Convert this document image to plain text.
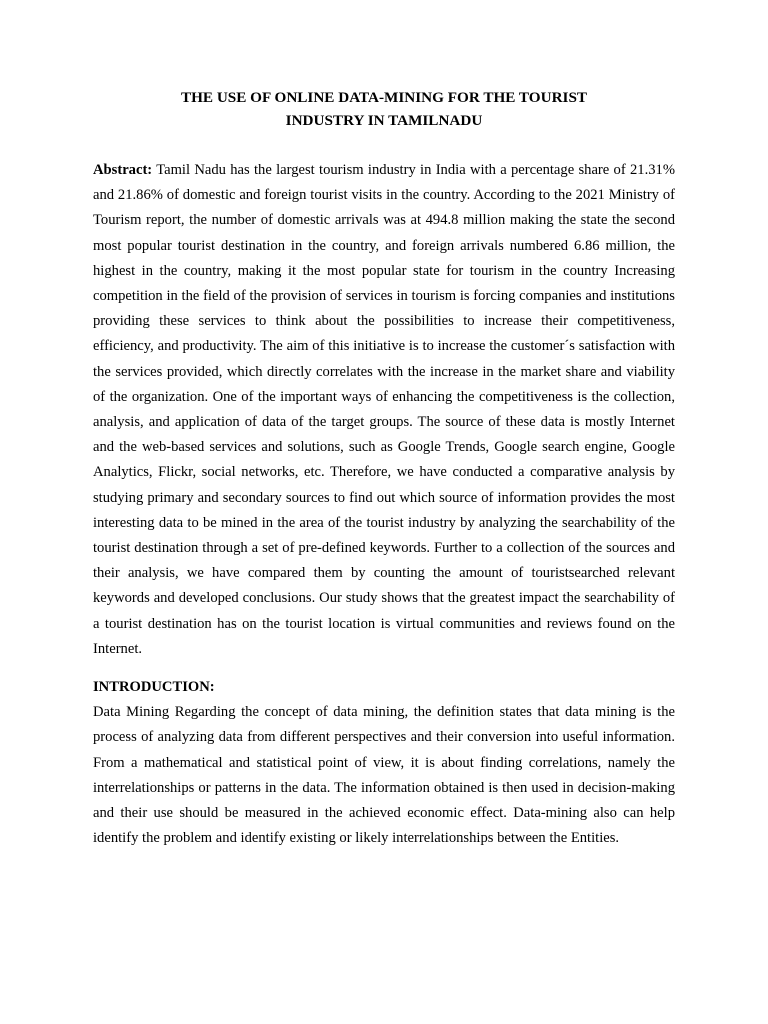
THE USE OF ONLINE DATA-MINING FOR THE TOURIST
INDUSTRY IN TAMILNADU

Abstract: Tamil Nadu has the largest tourism industry in India with a percentage share of 21.31% and 21.86% of domestic and foreign tourist visits in the country. According to the 2021 Ministry of Tourism report, the number of domestic arrivals was at 494.8 million making the state the second most popular tourist destination in the country, and foreign arrivals numbered 6.86 million, the highest in the country, making it the most popular state for tourism in the country Increasing competition in the field of the provision of services in tourism is forcing companies and institutions providing these services to think about the possibilities to increase their competitiveness, efficiency, and productivity. The aim of this initiative is to increase the customer´s satisfaction with the services provided, which directly correlates with the increase in the market share and viability of the organization. One of the important ways of enhancing the competitiveness is the collection, analysis, and application of data of the target groups. The source of these data is mostly Internet and the web-based services and solutions, such as Google Trends, Google search engine, Google Analytics, Flickr, social networks, etc. Therefore, we have conducted a comparative analysis by studying primary and secondary sources to find out which source of information provides the most interesting data to be mined in the area of the tourist industry by analyzing the searchability of the tourist destination through a set of pre-defined keywords. Further to a collection of the sources and their analysis, we have compared them by counting the amount of touristsearched relevant keywords and developed conclusions. Our study shows that the greatest impact the searchability of a tourist destination has on the tourist location is virtual communities and reviews found on the Internet.

INTRODUCTION:

Data Mining Regarding the concept of data mining, the definition states that data mining is the process of analyzing data from different perspectives and their conversion into useful information. From a mathematical and statistical point of view, it is about finding correlations, namely the interrelationships or patterns in the data. The information obtained is then used in decision-making and their use should be measured in the achieved economic effect. Data-mining also can help identify the problem and identify existing or likely interrelationships between the Entities.
